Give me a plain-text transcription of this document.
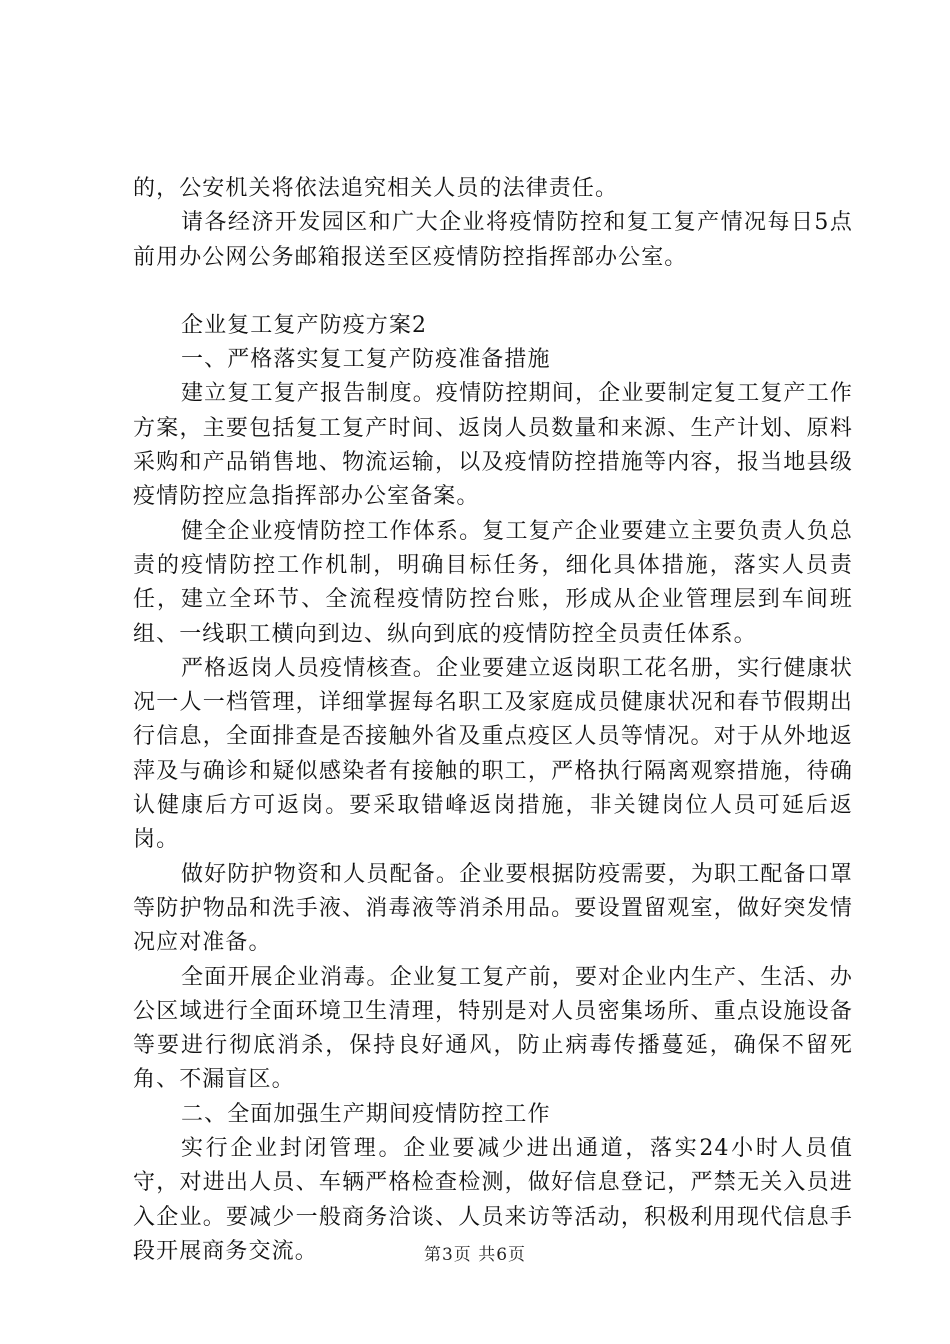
的，公安机关将依法追究相关人员的法律责任。

请各经济开发园区和广大企业将疫情防控和复工复产情况每日5点前用办公网公务邮箱报送至区疫情防控指挥部办公室。

企业复工复产防疫方案2

一、严格落实复工复产防疫准备措施

建立复工复产报告制度。疫情防控期间，企业要制定复工复产工作方案，主要包括复工复产时间、返岗人员数量和来源、生产计划、原料采购和产品销售地、物流运输，以及疫情防控措施等内容，报当地县级疫情防控应急指挥部办公室备案。

健全企业疫情防控工作体系。复工复产企业要建立主要负责人负总责的疫情防控工作机制，明确目标任务，细化具体措施，落实人员责任，建立全环节、全流程疫情防控台账，形成从企业管理层到车间班组、一线职工横向到边、纵向到底的疫情防控全员责任体系。

严格返岗人员疫情核查。企业要建立返岗职工花名册，实行健康状况一人一档管理，详细掌握每名职工及家庭成员健康状况和春节假期出行信息，全面排查是否接触外省及重点疫区人员等情况。对于从外地返萍及与确诊和疑似感染者有接触的职工，严格执行隔离观察措施，待确认健康后方可返岗。要采取错峰返岗措施，非关键岗位人员可延后返岗。

做好防护物资和人员配备。企业要根据防疫需要，为职工配备口罩等防护物品和洗手液、消毒液等消杀用品。要设置留观室，做好突发情况应对准备。

全面开展企业消毒。企业复工复产前，要对企业内生产、生活、办公区域进行全面环境卫生清理，特别是对人员密集场所、重点设施设备等要进行彻底消杀，保持良好通风，防止病毒传播蔓延，确保不留死角、不漏盲区。

二、全面加强生产期间疫情防控工作

实行企业封闭管理。企业要减少进出通道，落实24小时人员值守，对进出人员、车辆严格检查检测，做好信息登记，严禁无关入员进入企业。要减少一般商务洽谈、人员来访等活动，积极利用现代信息手段开展商务交流。	第3页 共6页
